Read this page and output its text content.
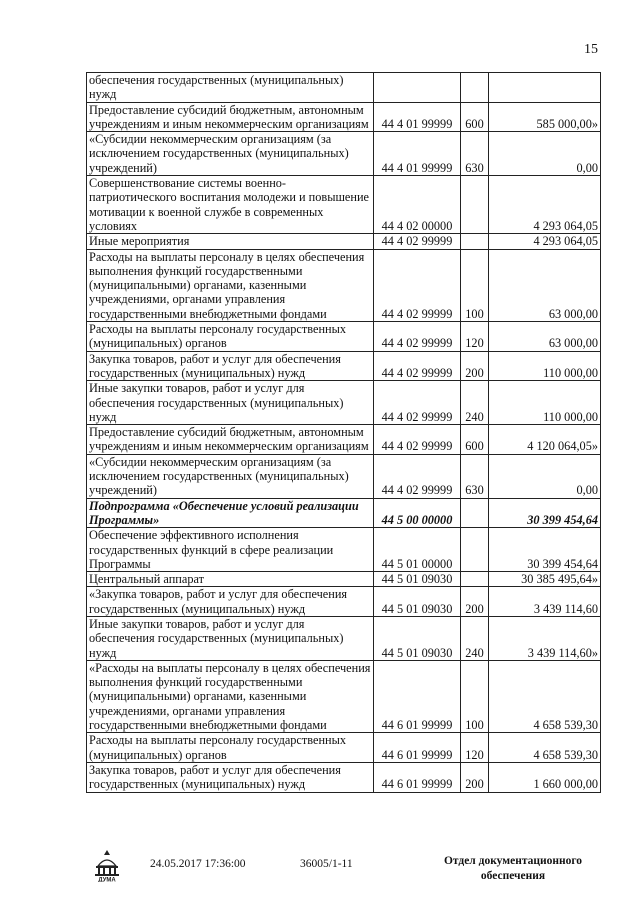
15
обеспечения государственных (муниципальных) нужд			
Предоставление субсидий бюджетным, автономным учреждениям и иным некоммерческим организациям	44 4 01 99999	600	585 000,00»
«Субсидии некоммерческим организациям (за исключением государственных (муниципальных) учреждений)	44 4 01 99999	630	0,00
Совершенствование системы военно-патриотического воспитания молодежи и повышение мотивации к военной службе в современных условиях	44 4 02 00000		4 293 064,05
Иные мероприятия	44 4 02 99999		4 293 064,05
Расходы на выплаты персоналу в целях обеспечения выполнения функций государственными (муниципальными) органами, казенными учреждениями, органами управления государственными внебюджетными фондами	44 4 02 99999	100	63 000,00
Расходы на выплаты персоналу государственных (муниципальных) органов	44 4 02 99999	120	63 000,00
Закупка товаров, работ и услуг для обеспечения государственных (муниципальных) нужд	44 4 02 99999	200	110 000,00
Иные закупки товаров, работ и услуг для обеспечения государственных (муниципальных) нужд	44 4 02 99999	240	110 000,00
Предоставление субсидий бюджетным, автономным учреждениям и иным некоммерческим организациям	44 4 02 99999	600	4 120 064,05»
«Субсидии некоммерческим организациям (за исключением государственных (муниципальных) учреждений)	44 4 02 99999	630	0,00
Подпрограмма «Обеспечение условий реализации Программы»	44 5 00 00000		30 399 454,64
Обеспечение эффективного исполнения государственных функций в сфере реализации Программы	44 5 01 00000		30 399 454,64
Центральный аппарат	44 5 01 09030		30 385 495,64»
«Закупка товаров, работ и услуг для обеспечения государственных (муниципальных) нужд	44 5 01 09030	200	3 439 114,60
Иные закупки товаров, работ и услуг для обеспечения государственных (муниципальных) нужд	44 5 01 09030	240	3 439 114,60»
«Расходы на выплаты персоналу в целях обеспечения выполнения функций государственными (муниципальными) органами, казенными учреждениями, органами управления государственными внебюджетными фондами	44 6 01 99999	100	4 658 539,30
Расходы на выплаты персоналу государственных (муниципальных) органов	44 6 01 99999	120	4 658 539,30
Закупка товаров, работ и услуг для обеспечения государственных (муниципальных) нужд	44 6 01 99999	200	1 660 000,00
ДУМА
24.05.2017 17:36:00	36005/1-11	Отдел документационного
обеспечения
